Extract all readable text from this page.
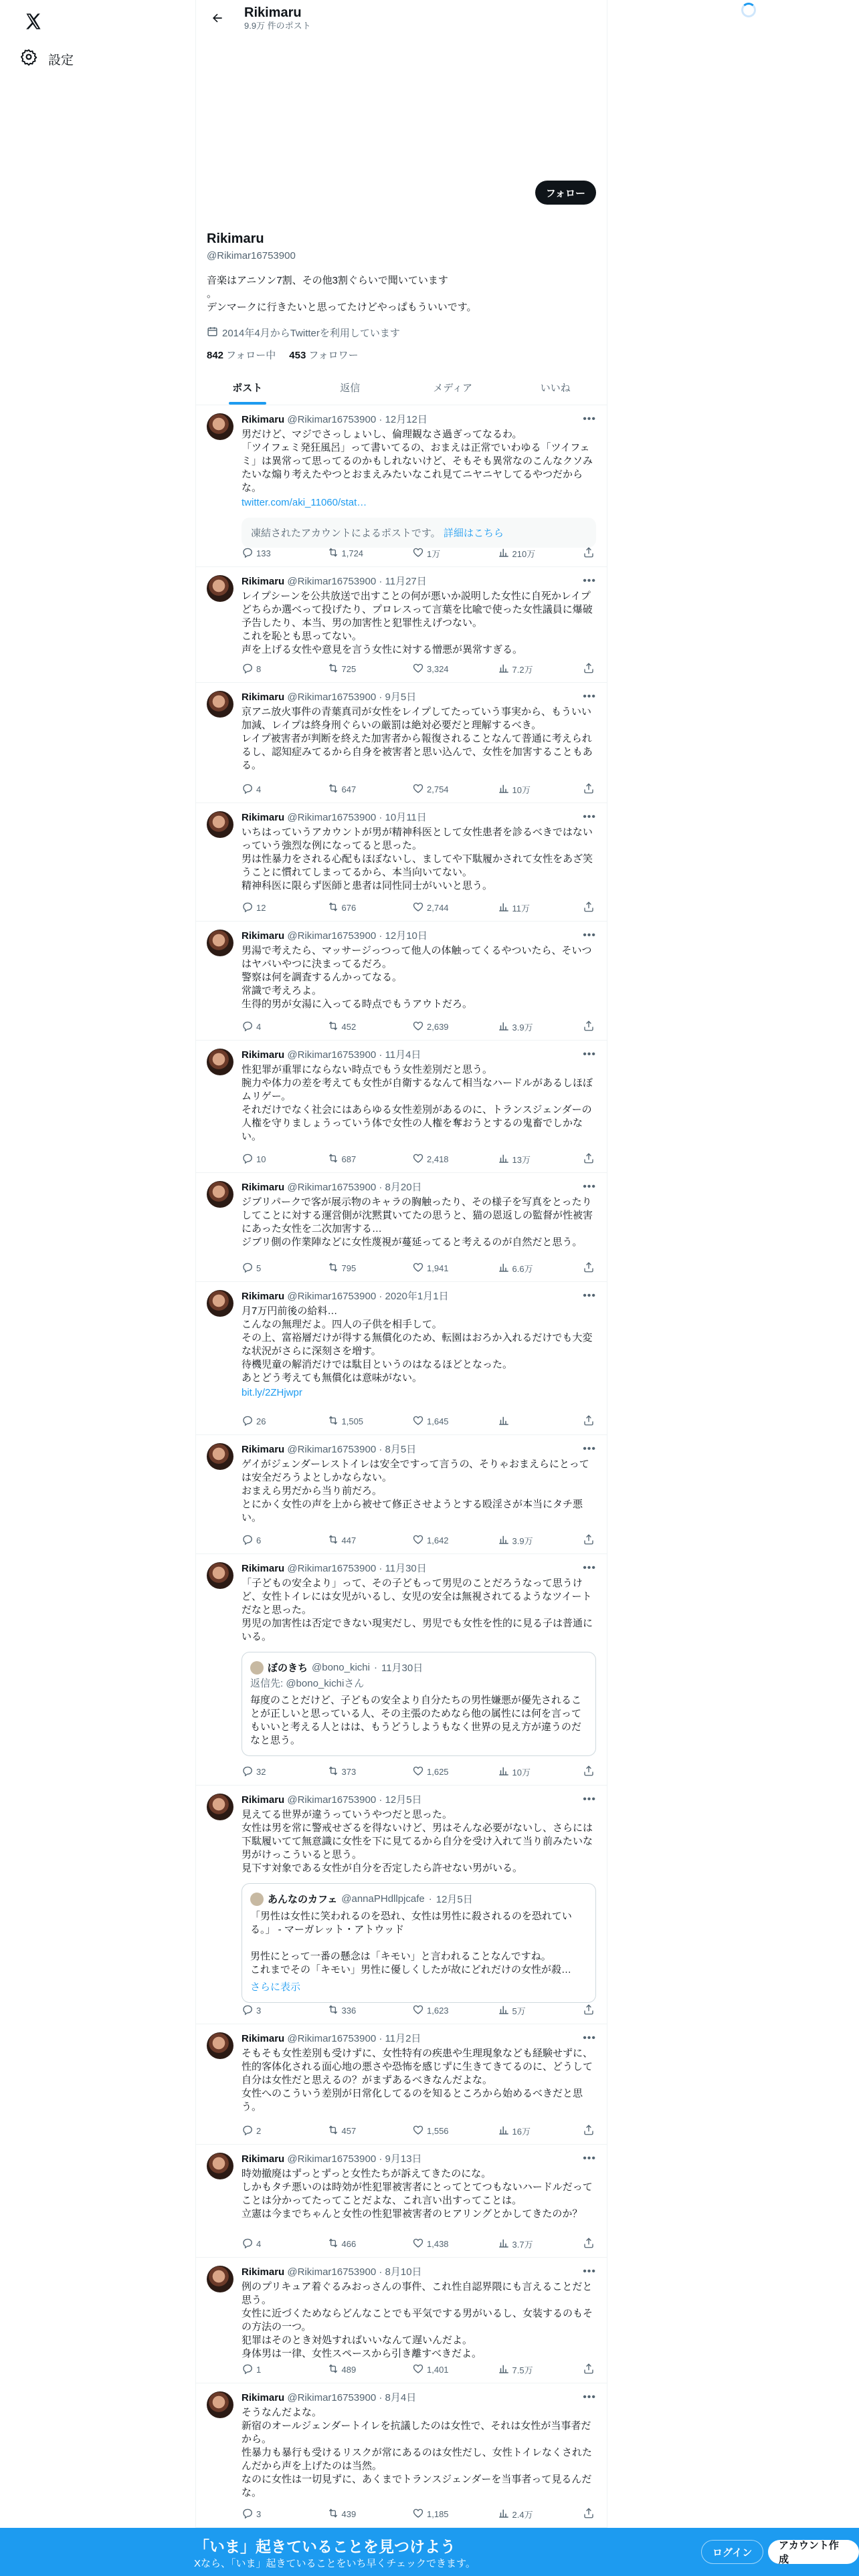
設定
Rikimaru
9.9万 件のポスト
フォロー
Rikimaru
@Rikimar16753900
音楽はアニソン7割、その他3割ぐらいで聞いています
。
デンマークに行きたいと思ってたけどやっぱもういいです。
2014年4月からTwitterを利用しています
842 フォロー中 453 フォロワー
ポスト	返信	メディア	いいね
Rikimaru @Rikimar16753900 · 12月12日	•••
男だけど、マジでさっしょいし、倫理観なさ過ぎってなるわ。
「ツイフェミ発狂風呂」って書いてるの、おまえは正常でいわゆる「ツイフェミ」は異常って思ってるのかもしれないけど、そもそも異常なのこんなクソみたいな煽り考えたやつとおまえみたいなこれ見てニヤニヤしてるやつだからな。
twitter.com/aki_11060/stat…
凍結されたアカウントによるポストです。 詳細はこちら
133	1,724	1万	210万
Rikimaru @Rikimar16753900 · 11月27日	•••
レイプシーンを公共放送で出すことの何が悪いか説明した女性に自死かレイプどちらか選べって投げたり、プロレスって言葉を比喩で使った女性議員に爆破予告したり、本当、男の加害性と犯罪性えげつない。
これを恥とも思ってない。
声を上げる女性や意見を言う女性に対する憎悪が異常すぎる。
8	725	3,324	7.2万
Rikimaru @Rikimar16753900 · 9月5日	•••
京アニ放火事件の青葉真司が女性をレイプしてたっていう事実から、もういい加減、レイプは終身刑ぐらいの厳罰は絶対必要だと理解するべき。
レイプ被害者が判断を終えた加害者から報復されることなんて普通に考えられるし、認知症みてるから自身を被害者と思い込んで、女性を加害することもある。
4	647	2,754	10万
Rikimaru @Rikimar16753900 · 10月11日	•••
いちはっていうアカウントが男が精神科医として女性患者を診るべきではないっていう強烈な例になってると思った。
男は性暴力をされる心配もほぼないし、ましてや下駄履かされて女性をあざ笑うことに慣れてしまってるから、本当向いてない。
精神科医に限らず医師と患者は同性同士がいいと思う。
12	676	2,744	11万
Rikimaru @Rikimar16753900 · 12月10日	•••
男湯で考えたら、マッサージっつって他人の体触ってくるやついたら、そいつはヤバいやつに決まってるだろ。
警察は何を調査するんかってなる。
常識で考えろよ。
生得的男が女湯に入ってる時点でもうアウトだろ。
4	452	2,639	3.9万
Rikimaru @Rikimar16753900 · 11月4日	•••
性犯罪が重罪にならない時点でもう女性差別だと思う。
腕力や体力の差を考えても女性が自衛するなんて相当なハードルがあるしほぼムリゲー。
それだけでなく社会にはあらゆる女性差別があるのに、トランスジェンダーの人権を守りましょうっていう体で女性の人権を奪おうとするの鬼畜でしかない。
10	687	2,418	13万
Rikimaru @Rikimar16753900 · 8月20日	•••
ジブリパークで客が展示物のキャラの胸触ったり、その様子を写真をとったりしてことに対する運営側が沈黙貫いてたの思うと、猫の恩返しの監督が性被害にあった女性を二次加害する…
ジブリ側の作業陣などに女性蔑視が蔓延ってると考えるのが自然だと思う。
5	795	1,941	6.6万
Rikimaru @Rikimar16753900 · 2020年1月1日	•••
月7万円前後の給料…
こんなの無理だよ。四人の子供を相手して。
その上、富裕層だけが得する無償化のため、転園はおろか入れるだけでも大変な状況がさらに深刻さを増す。
待機児童の解消だけでは駄目というのはなるほどとなった。
あとどう考えても無償化は意味がない。
bit.ly/2ZHjwpr
26	1,505	1,645
Rikimaru @Rikimar16753900 · 8月5日	•••
ゲイがジェンダーレストイレは安全ですって言うの、そりゃおまえらにとっては安全だろうよとしかならない。
おまえら男だから当り前だろ。
とにかく女性の声を上から被せて修正させようとする殴淫さが本当にタチ悪い。
6	447	1,642	3.9万
Rikimaru @Rikimar16753900 · 11月30日	•••
「子どもの安全より」って、その子どもって男児のことだろうなって思うけど、女性トイレには女児がいるし、女児の安全は無視されてるようなツイートだなと思った。
男児の加害性は否定できない現実だし、男児でも女性を性的に見る子は普通にいる。
ぼのきち @bono_kichi · 11月30日
返信先: @bono_kichiさん
毎度のことだけど、子どもの安全より自分たちの男性嫌悪が優先されることが正しいと思っている人、その主張のためなら他の属性には何を言ってもいいと考える人とはは、もうどうしようもなく世界の見え方が違うのだなと思う。
32	373	1,625	10万
Rikimaru @Rikimar16753900 · 12月5日	•••
見えてる世界が違うっていうやつだと思った。
女性は男を常に警戒せざるを得ないけど、男はそんな必要がないし、さらには下駄履いてて無意識に女性を下に見てるから自分を受け入れて当り前みたいな男がけっこういると思う。
見下す対象である女性が自分を否定したら許せない男がいる。
あんなのカフェ @annaPHdllpjcafe · 12月5日
「男性は女性に笑われるのを恐れ、女性は男性に殺されるのを恐れている。」 - マーガレット・アトウッド

男性にとって一番の懸念は「キモい」と言われることなんですね。
これまでその「キモい」男性に優しくしたが故にどれだけの女性が殺…
さらに表示
3	336	1,623	5万
Rikimaru @Rikimar16753900 · 11月2日	•••
そもそも女性差別も受けずに、女性特有の疾患や生理現象なども経験せずに、性的客体化される面心地の悪さや恐怖を感じずに生きてきてるのに、どうして自分は女性だと思えるの？がまずあるべきなんだよな。
女性へのこういう差別が日常化してるのを知るところから始めるべきだと思う。
2	457	1,556	16万
Rikimaru @Rikimar16753900 · 9月13日	•••
時効撤廃はずっとずっと女性たちが訴えてきたのにな。
しかもタチ悪いのは時効が性犯罪被害者にとってとてつもないハードルだってことは分かってたってことだよな、これ言い出すってことは。
立憲は今までちゃんと女性の性犯罪被害者のヒアリングとかしてきたのか？
4	466	1,438	3.7万
Rikimaru @Rikimar16753900 · 8月10日	•••
例のプリキュア着ぐるみおっさんの事件、これ性自認界隈にも言えることだと思う。
女性に近づくためならどんなことでも平気でする男がいるし、女装するのもその方法の一つ。
犯罪はそのとき対処すればいいなんて遅いんだよ。
身体男は一律、女性スペースから引き離すべきだよ。
1	489	1,401	7.5万
Rikimaru @Rikimar16753900 · 8月4日	•••
そうなんだよな。
新宿のオールジェンダートイレを抗議したのは女性で、それは女性が当事者だから。
性暴力も暴行も受けるリスクが常にあるのは女性だし、女性トイレなくされたんだから声を上げたのは当然。
なのに女性は一切見ずに、あくまでトランスジェンダーを当事者って見るんだな。
3	439	1,185	2.4万
「いま」起きていることを見つけよう
Xなら、「いま」起きていることをいち早くチェックできます。
ログイン
アカウント作成
